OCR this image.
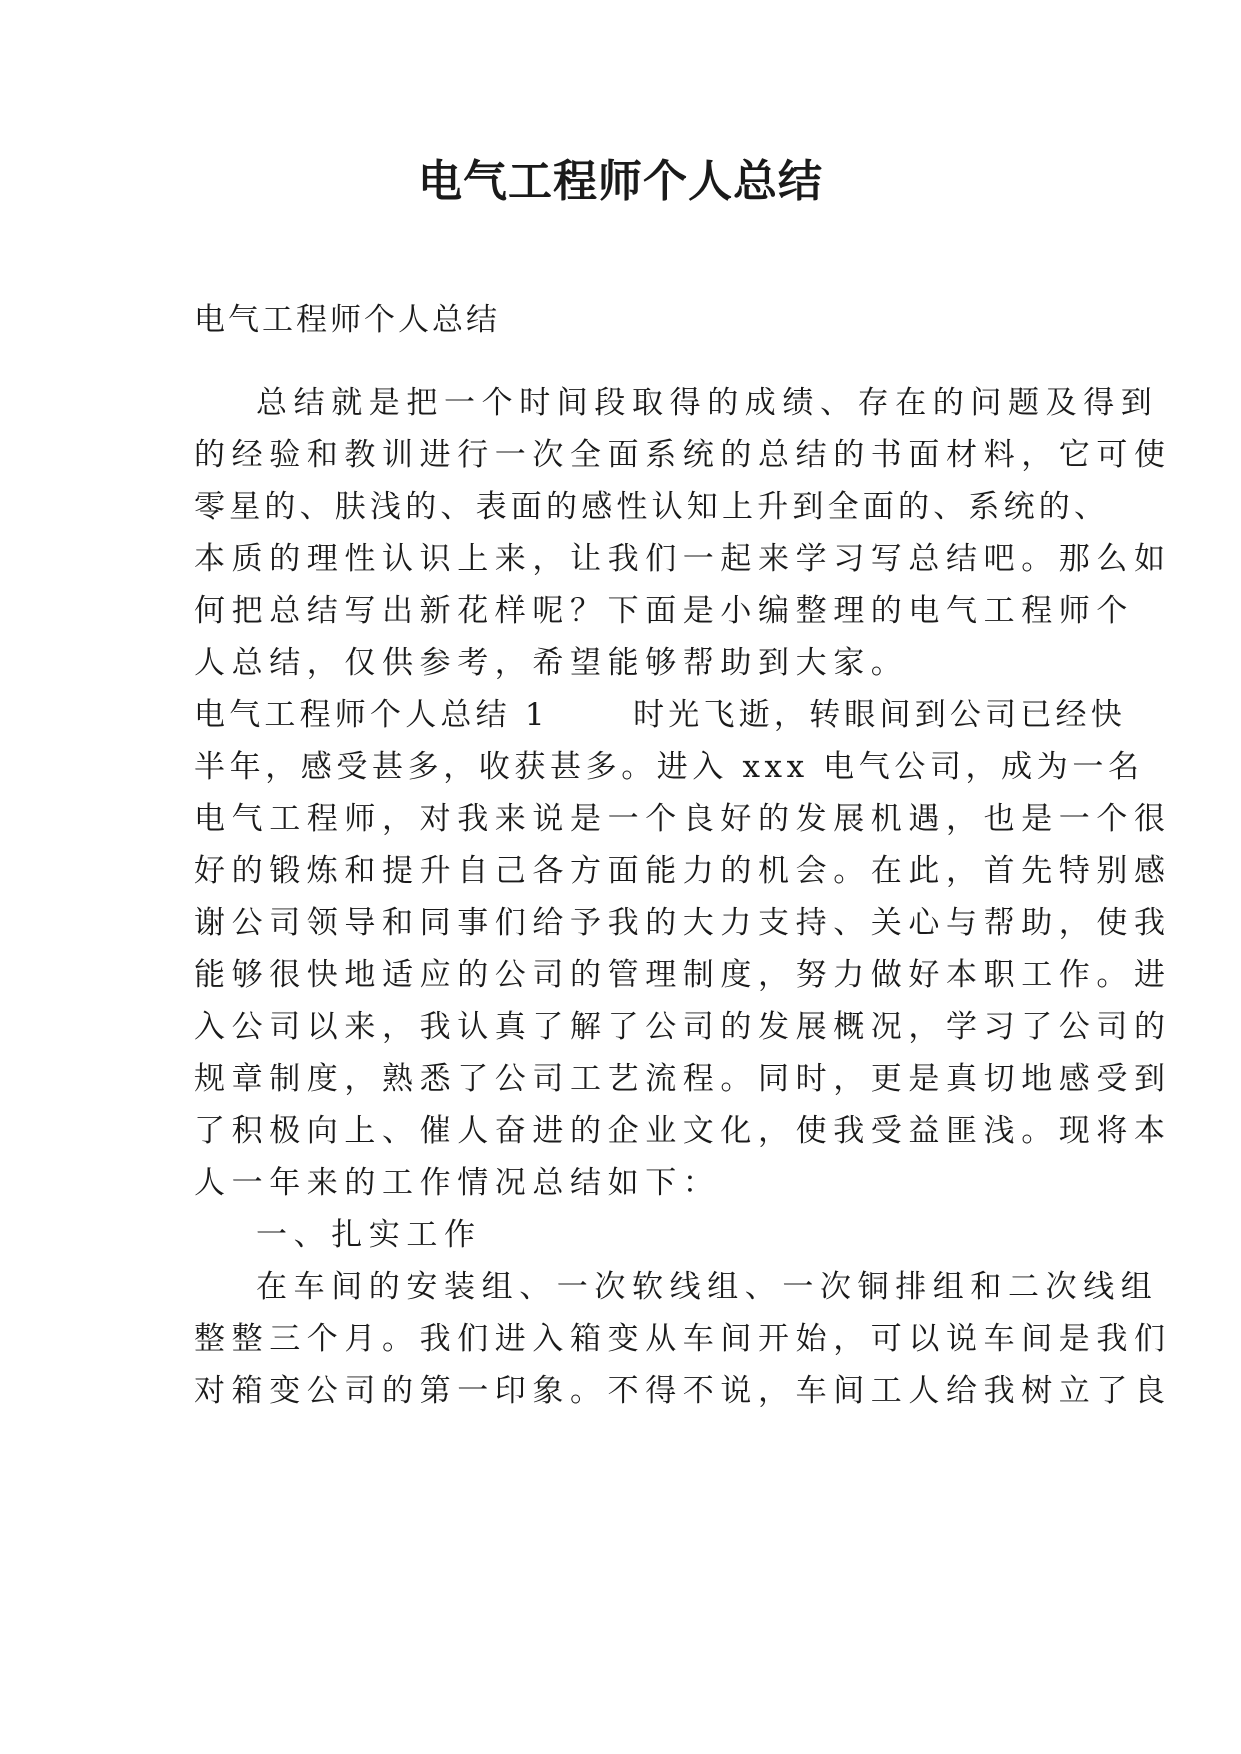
电气工程师个人总结
电气工程师个人总结
总结就是把一个时间段取得的成绩、存在的问题及得到
的经验和教训进行一次全面系统的总结的书面材料，它可使
零星的、肤浅的、表面的感性认知上升到全面的、系统的、
本质的理性认识上来，让我们一起来学习写总结吧。那么如
何把总结写出新花样呢？下面是小编整理的电气工程师个
人总结，仅供参考，希望能够帮助到大家。
电气工程师个人总结 1      时光飞逝，转眼间到公司已经快
半年，感受甚多，收获甚多。进入 xxx 电气公司，成为一名
电气工程师，对我来说是一个良好的发展机遇，也是一个很
好的锻炼和提升自己各方面能力的机会。在此，首先特别感
谢公司领导和同事们给予我的大力支持、关心与帮助，使我
能够很快地适应的公司的管理制度，努力做好本职工作。进
入公司以来，我认真了解了公司的发展概况，学习了公司的
规章制度，熟悉了公司工艺流程。同时，更是真切地感受到
了积极向上、催人奋进的企业文化，使我受益匪浅。现将本
人一年来的工作情况总结如下：
一、扎实工作
在车间的安装组、一次软线组、一次铜排组和二次线组
整整三个月。我们进入箱变从车间开始，可以说车间是我们
对箱变公司的第一印象。不得不说，车间工人给我树立了良
